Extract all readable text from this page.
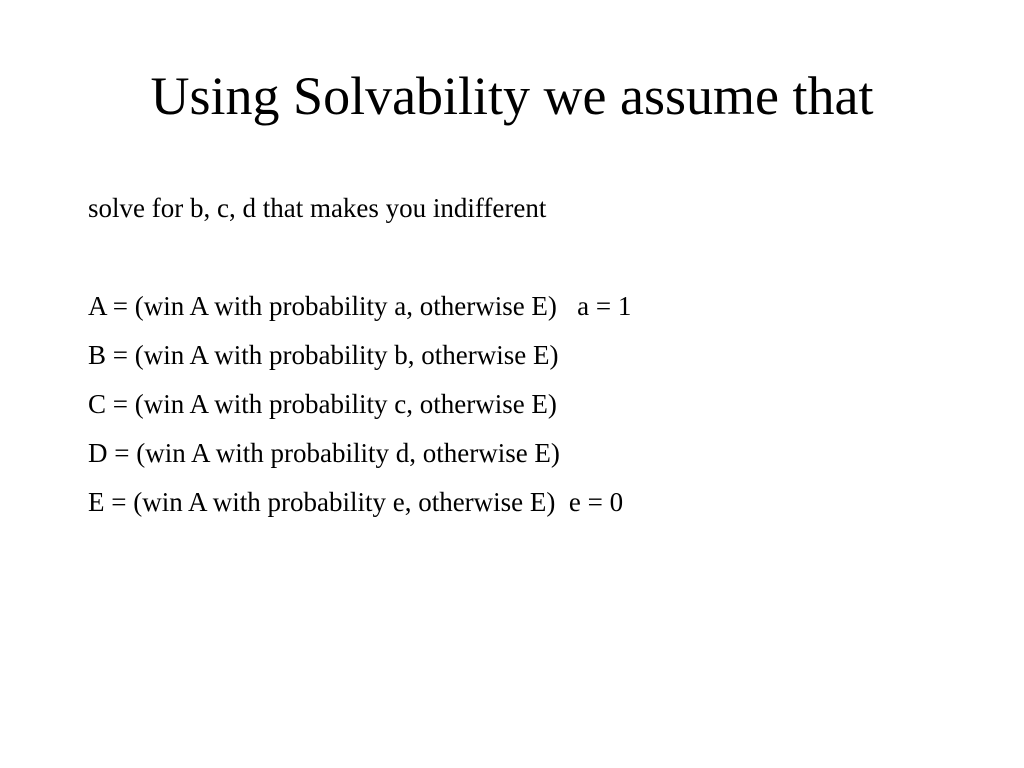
Using Solvability we assume that

solve for b, c, d that makes you indifferent

A = (win A with probability a, otherwise E)   a = 1

B = (win A with probability b, otherwise E)

C = (win A with probability c, otherwise E)

D = (win A with probability d, otherwise E)

E = (win A with probability e, otherwise E)  e = 0
